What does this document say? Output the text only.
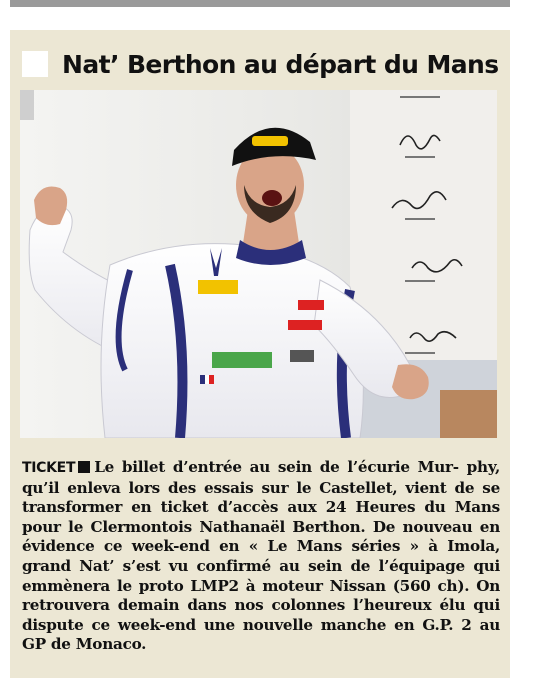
Nat’ Berthon au départ du Mans
TICKET Le billet d’entrée au sein de l’écurie Mur- phy, qu’il enleva lors des essais sur le Castellet, vient de se transformer en ticket d’accès aux 24 Heures du Mans pour le Clermontois Nathanaël Berthon. De nouveau en évidence ce week-end en « Le Mans séries » à Imola, grand Nat’ s’est vu confirmé au sein de l’équipage qui emmènera le proto LMP2 à moteur Nissan (560 ch). On retrouvera demain dans nos colonnes l’heureux élu qui dispute ce week-end une nouvelle manche en G.P. 2 au GP de Monaco.
